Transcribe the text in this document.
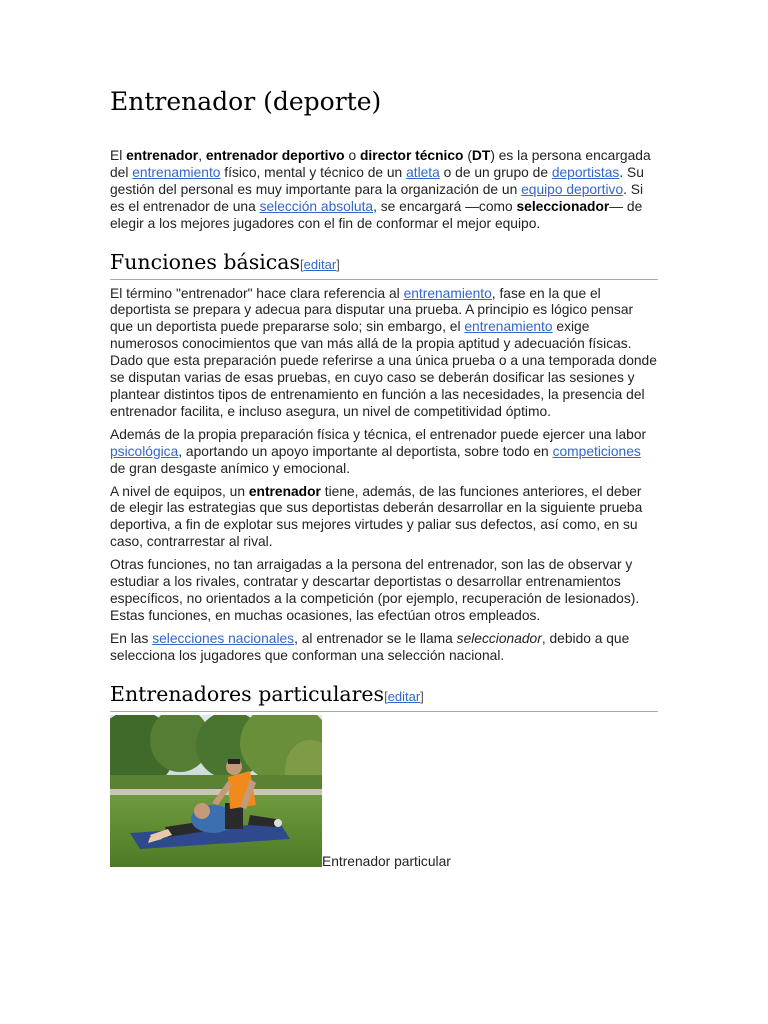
Entrenador (deporte)

El entrenador, entrenador deportivo o director técnico (DT) es la persona encargada del entrenamiento físico, mental y técnico de un atleta o de un grupo de deportistas. Su gestión del personal es muy importante para la organización de un equipo deportivo. Si es el entrenador de una selección absoluta, se encargará —como seleccionador— de elegir a los mejores jugadores con el fin de conformar el mejor equipo.

Funciones básicas[editar]

El término "entrenador" hace clara referencia al entrenamiento, fase en la que el deportista se prepara y adecua para disputar una prueba. A principio es lógico pensar que un deportista puede prepararse solo; sin embargo, el entrenamiento exige numerosos conocimientos que van más allá de la propia aptitud y adecuación físicas. Dado que esta preparación puede referirse a una única prueba o a una temporada donde se disputan varias de esas pruebas, en cuyo caso se deberán dosificar las sesiones y plantear distintos tipos de entrenamiento en función a las necesidades, la presencia del entrenador facilita, e incluso asegura, un nivel de competitividad óptimo.

Además de la propia preparación física y técnica, el entrenador puede ejercer una labor psicológica, aportando un apoyo importante al deportista, sobre todo en competiciones de gran desgaste anímico y emocional.

A nivel de equipos, un entrenador tiene, además, de las funciones anteriores, el deber de elegir las estrategias que sus deportistas deberán desarrollar en la siguiente prueba deportiva, a fin de explotar sus mejores virtudes y paliar sus defectos, así como, en su caso, contrarrestar al rival.

Otras funciones, no tan arraigadas a la persona del entrenador, son las de observar y estudiar a los rivales, contratar y descartar deportistas o desarrollar entrenamientos específicos, no orientados a la competición (por ejemplo, recuperación de lesionados). Estas funciones, en muchas ocasiones, las efectúan otros empleados.

En las selecciones nacionales, al entrenador se le llama seleccionador, debido a que selecciona los jugadores que conforman una selección nacional.

Entrenadores particulares[editar]
Entrenador particular
